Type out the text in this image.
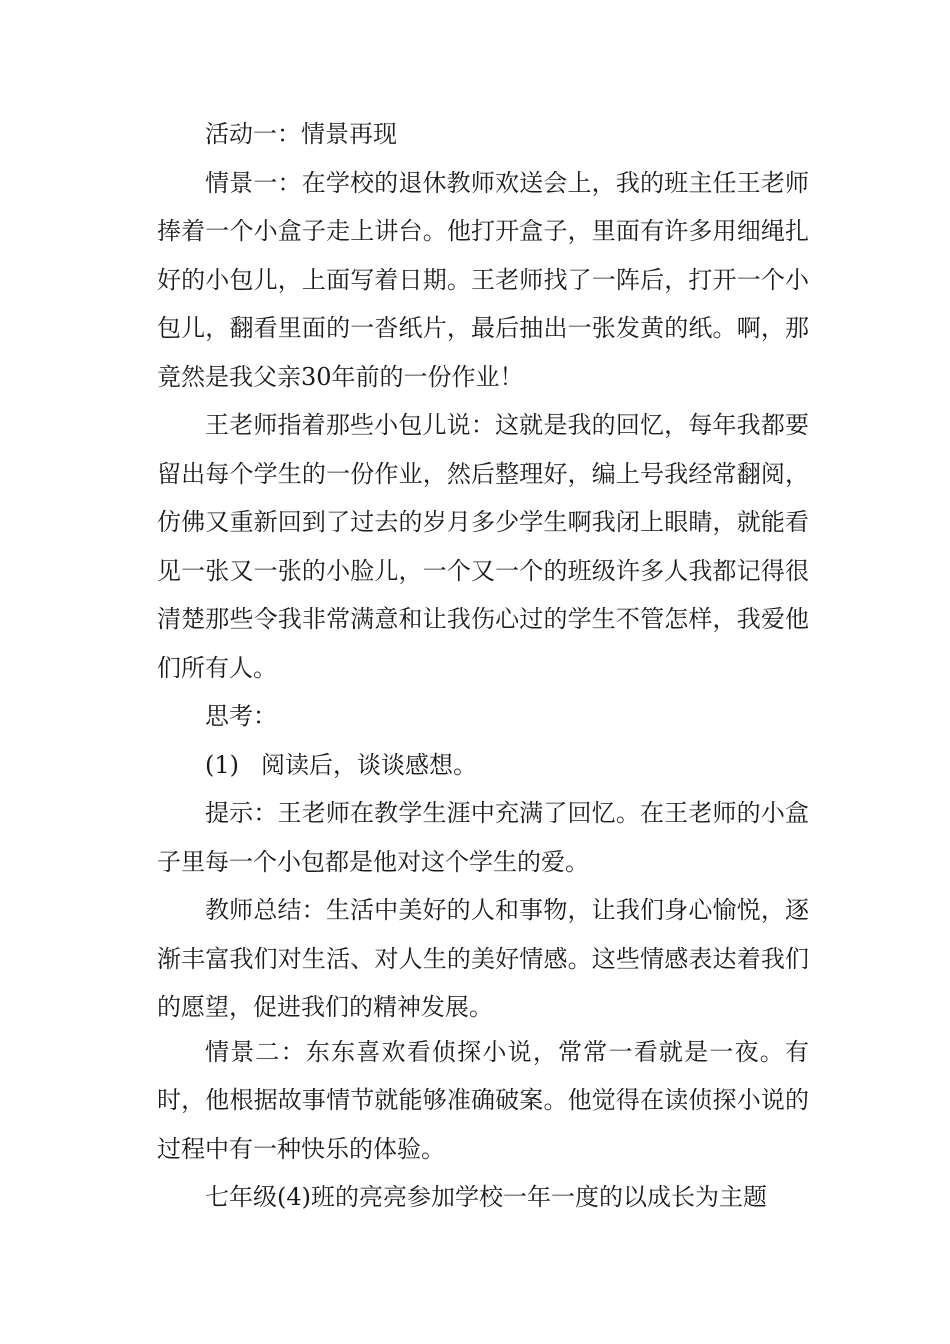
活动一：情景再现

情景一：在学校的退休教师欢送会上，我的班主任王老师捧着一个小盒子走上讲台。他打开盒子，里面有许多用细绳扎好的小包儿，上面写着日期。王老师找了一阵后，打开一个小包儿，翻看里面的一沓纸片，最后抽出一张发黄的纸。啊，那竟然是我父亲30年前的一份作业！

王老师指着那些小包儿说：这就是我的回忆，每年我都要留出每个学生的一份作业，然后整理好，编上号我经常翻阅，仿佛又重新回到了过去的岁月多少学生啊我闭上眼睛，就能看见一张又一张的小脸儿，一个又一个的班级许多人我都记得很清楚那些令我非常满意和让我伤心过的学生不管怎样，我爱他们所有人。

思考：

(1) 阅读后，谈谈感想。

提示：王老师在教学生涯中充满了回忆。在王老师的小盒子里每一个小包都是他对这个学生的爱。

教师总结：生活中美好的人和事物，让我们身心愉悦，逐渐丰富我们对生活、对人生的美好情感。这些情感表达着我们的愿望，促进我们的精神发展。

情景二：东东喜欢看侦探小说，常常一看就是一夜。有时，他根据故事情节就能够准确破案。他觉得在读侦探小说的过程中有一种快乐的体验。

七年级(4)班的亮亮参加学校一年一度的以成长为主题
